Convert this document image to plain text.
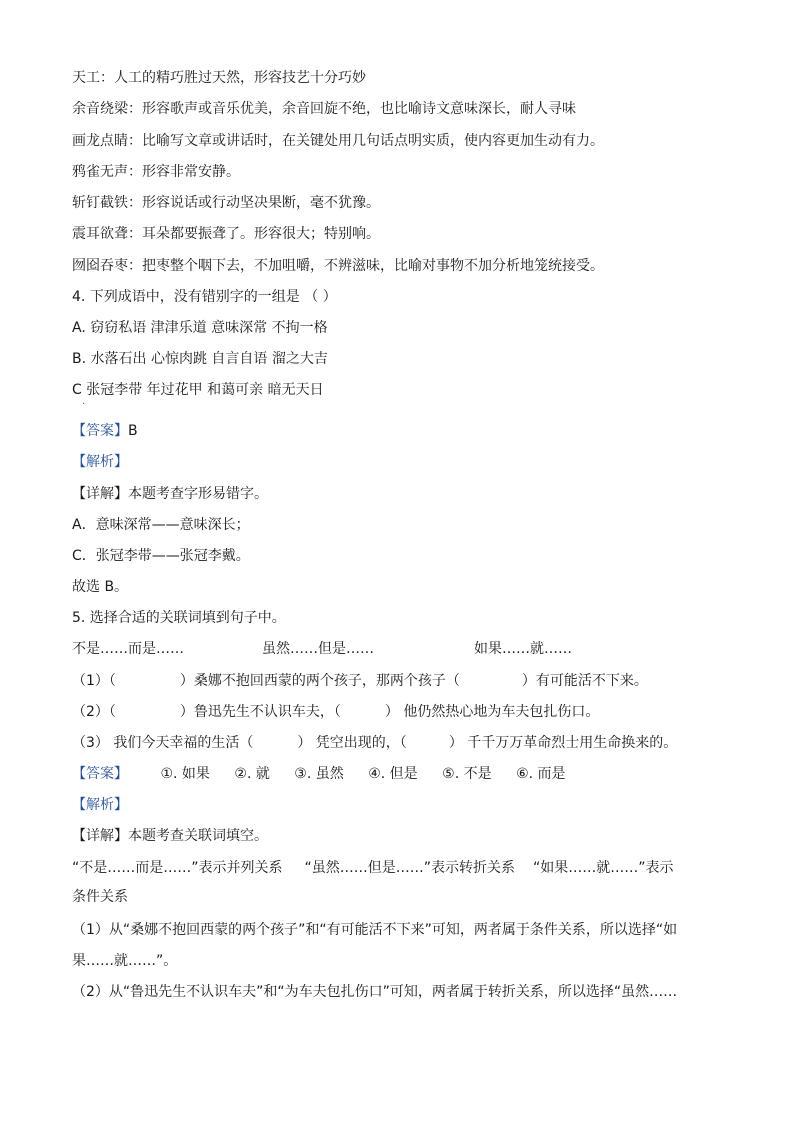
天工：人工的精巧胜过天然，形容技艺十分巧妙
余音绕梁：形容歌声或音乐优美，余音回旋不绝，也比喻诗文意味深长，耐人寻味
画龙点睛：比喻写文章或讲话时，在关键处用几句话点明实质，使内容更加生动有力。
鸦雀无声：形容非常安静。
斩钉截铁：形容说话或行动坚决果断，毫不犹豫。
震耳欲聋：耳朵都要振聋了。形容很大；特别响。
囫囵吞枣：把枣整个咽下去，不加咀嚼，不辨滋味，比喻对事物不加分析地笼统接受。
4. 下列成语中，没有错别字的一组是 （ ）
A. 窃窃私语 津津乐道 意味深常 不拘一格
B. 水落石出 心惊肉跳 自言自语 溜之大吉
C 张冠李带 年过花甲 和蔼可亲 暗无天日
·
【答案】B
【解析】
【详解】本题考查字形易错字。
A．意味深常——意味深长；
C．张冠李带——张冠李戴。
故选 B。
5. 选择合适的关联词填到句子中。
不是……而是……	虽然……但是……	如果……就……
（1）（	）桑娜不抱回西蒙的两个孩子，那两个孩子（	）有可能活不下来。
（2）（	）鲁迅先生不认识车夫，（	） 他仍然热心地为车夫包扎伤口。
（3） 我们今天幸福的生活（	） 凭空出现的，（	） 千千万万革命烈士用生命换来的。
【答案】 ①. 如果 ②. 就 ③. 虽然 ④. 但是 ⑤. 不是 ⑥. 而是
【解析】
【详解】本题考查关联词填空。
“不是……而是……”表示并列关系 “虽然……但是……”表示转折关系 “如果……就……”表示
条件关系
（1）从“桑娜不抱回西蒙的两个孩子”和“有可能活不下来”可知，两者属于条件关系，所以选择“如
果……就……”。
（2）从“鲁迅先生不认识车夫”和“为车夫包扎伤口”可知，两者属于转折关系，所以选择“虽然……
